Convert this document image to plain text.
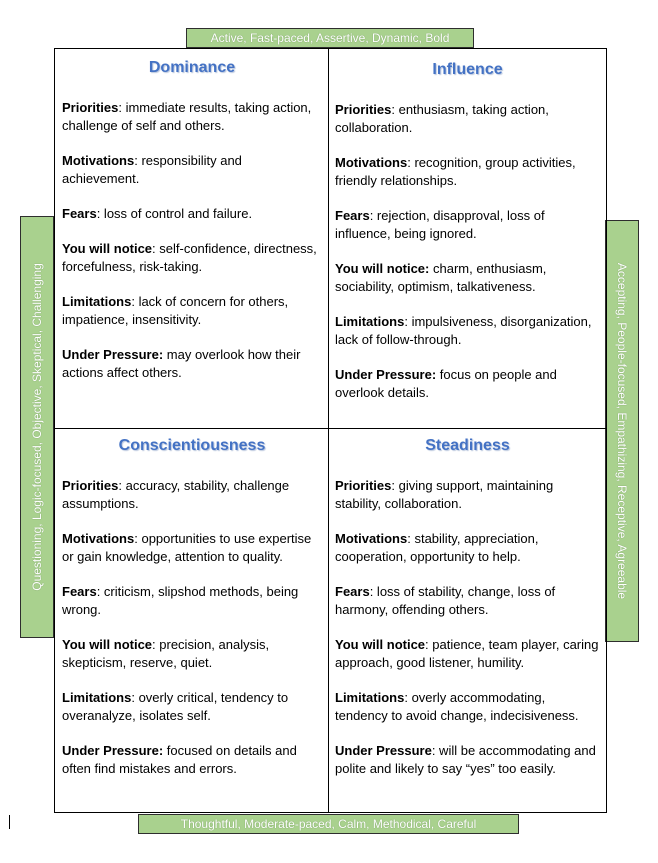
Active, Fast-paced, Assertive, Dynamic, Bold
Questioning, Logic-focused, Objective, Skeptical, Challenging	Accepting, People-focused, Empathizing, Receptive, Agreeable
Dominance
Priorities: immediate results, taking action, challenge of self and others.
Motivations: responsibility and achievement.
Fears: loss of control and failure.
You will notice: self-confidence, directness, forcefulness, risk-taking.
Limitations: lack of concern for others, impatience, insensitivity.
Under Pressure: may overlook how their actions affect others.
Influence
Priorities: enthusiasm, taking action, collaboration.
Motivations: recognition, group activities, friendly relationships.
Fears: rejection, disapproval, loss of influence, being ignored.
You will notice: charm, enthusiasm, sociability, optimism, talkativeness.
Limitations: impulsiveness, disorganization, lack of follow-through.
Under Pressure: focus on people and overlook details.
Conscientiousness
Priorities: accuracy, stability, challenge assumptions.
Motivations: opportunities to use expertise or gain knowledge, attention to quality.
Fears: criticism, slipshod methods, being wrong.
You will notice: precision, analysis, skepticism, reserve, quiet.
Limitations: overly critical, tendency to overanalyze, isolates self.
Under Pressure: focused on details and often find mistakes and errors.
Steadiness
Priorities: giving support, maintaining stability, collaboration.
Motivations: stability, appreciation, cooperation, opportunity to help.
Fears: loss of stability, change, loss of harmony, offending others.
You will notice: patience, team player, caring approach, good listener, humility.
Limitations: overly accommodating, tendency to avoid change, indecisiveness.
Under Pressure: will be accommodating and polite and likely to say “yes” too easily.
Thoughtful, Moderate-paced, Calm, Methodical, Careful
